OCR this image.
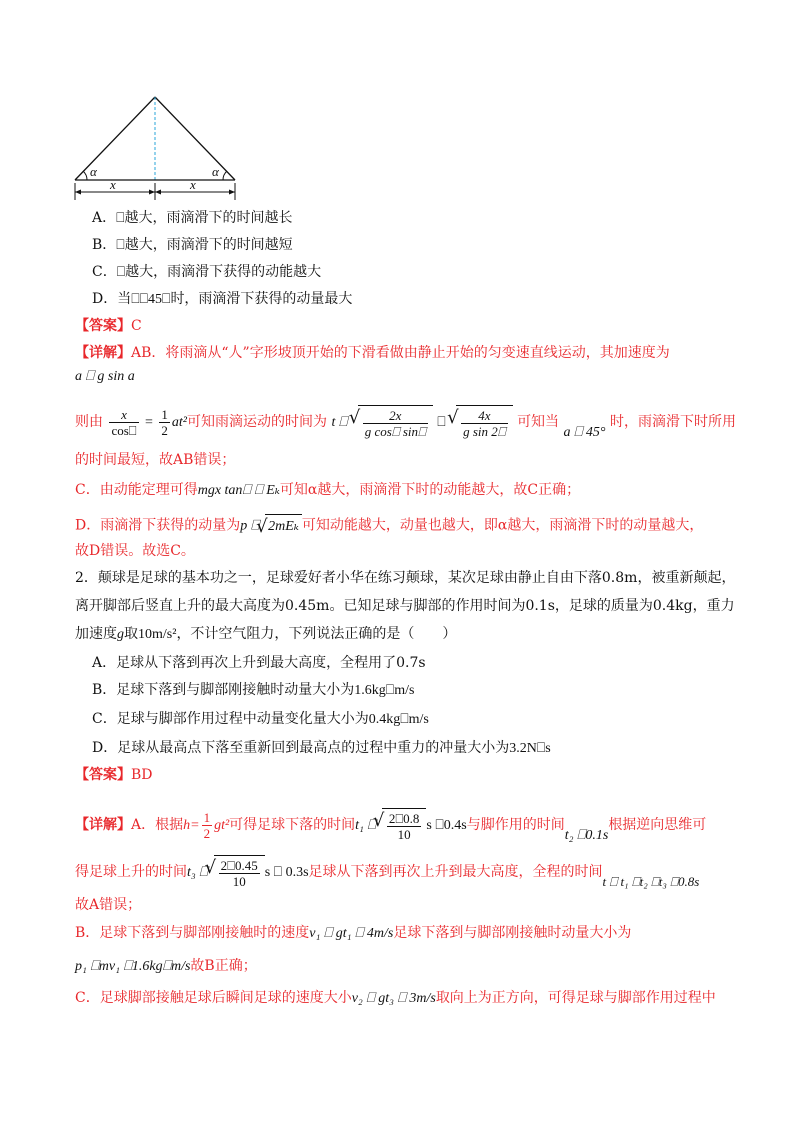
α	α
x	x
A．⎕越大，雨滴滑下的时间越长
B．⎕越大，雨滴滑下的时间越短
C．⎕越大，雨滴滑下获得的动能越大
D．当⎕⎕45⎕时，雨滴滑下获得的动量最大
【答案】C
【详解】AB．将雨滴从“人”字形坡顶开始的下滑看做由静止开始的匀变速直线运动，其加速度为
a ⎕ g sin a
则由 $\frac{x}{\cos⎕} = \frac{1}{2} at^2$可知雨滴运动的时间为 t ⎕ √ $\frac{2x}{\text{g cos⎕ sin⎕}}$ ⎕ √ $\frac{4x}{\text{g sin 2⎕}}$ 可知当 a ⎕ 45° 时，雨滴滑下时所用
的时间最短，故AB错误；
C．由动能定理可得mgx tan⎕ ⎕ Eₖ可知α越大，雨滴滑下时的动能越大，故C正确；
D．雨滴滑下获得的动量为p ⎕ √ 2mEₖ 可知动能越大，动量也越大，即α越大，雨滴滑下时的动量越大，
故D错误。故选C。
2．颠球是足球的基本功之一，足球爱好者小华在练习颠球，某次足球由静止自由下落0.8m，被重新颠起，
离开脚部后竖直上升的最大高度为0.45m。已知足球与脚部的作用时间为0.1s，足球的质量为0.4kg，重力
加速度g取10m/s²，不计空气阻力，下列说法正确的是（　　）
A．足球从下落到再次上升到最大高度，全程用了0.7s
B．足球下落到与脚部刚接触时动量大小为1.6kg⎕m/s
C．足球与脚部作用过程中动量变化量大小为0.4kg⎕m/s
D．足球从最高点下落至重新回到最高点的过程中重力的冲量大小为3.2N⎕s
【答案】BD
【详解】A．根据$h= \frac{1}{2} gt^2$可得足球下落的时间t₁ ⎕ √ $\frac{2⎕0.8}{10}$ s ⎕0.4s与脚作用的时间t₂ ⎕0.1s根据逆向思维可
得足球上升的时间t₃ ⎕ √ $\frac{2⎕0.45}{10}$ s ⎕ 0.3s足球从下落到再次上升到最大高度，全程的时间t ⎕ t₁ ⎕t₂ ⎕t₃ ⎕0.8s
故A错误；
B．足球下落到与脚部刚接触时的速度v₁ ⎕ gt₁ ⎕ 4m/s足球下落到与脚部刚接触时动量大小为
p₁ ⎕mv₁ ⎕1.6kg⎕m/s故B正确；
C．足球脚部接触足球后瞬间足球的速度大小v₂ ⎕ gt₃ ⎕ 3m/s取向上为正方向，可得足球与脚部作用过程中
